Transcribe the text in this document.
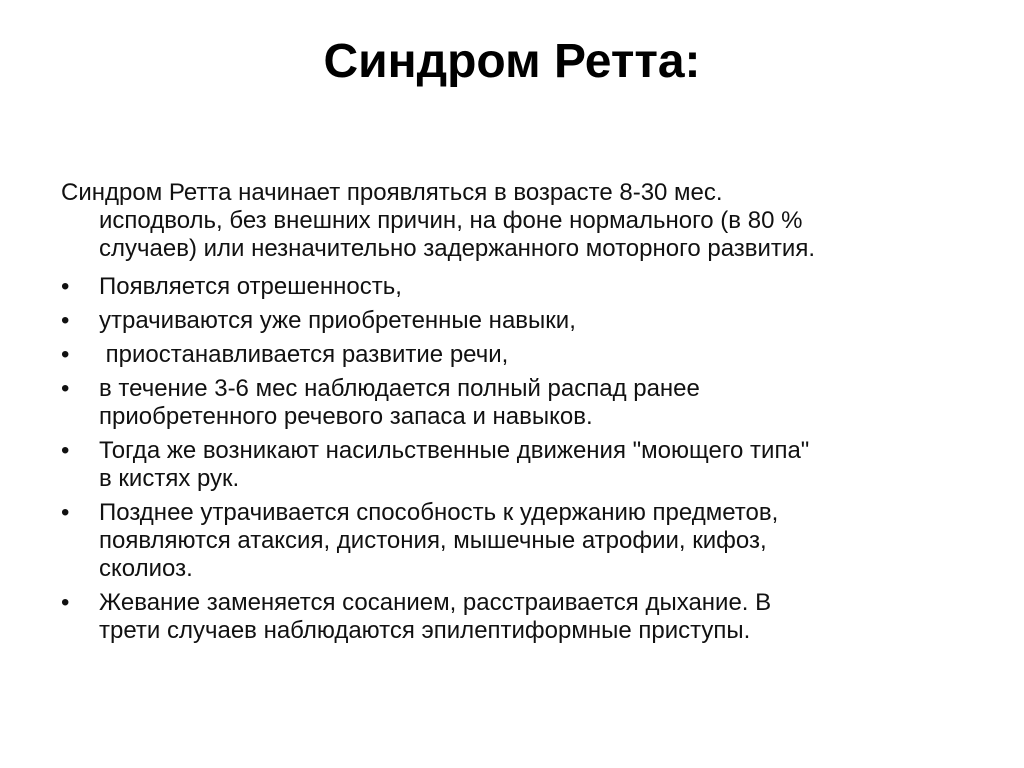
Синдром Ретта:

Синдром Ретта начинает проявляться в возрасте 8-30 мес.
исподволь, без внешних причин, на фоне нормального (в 80 %
случаев) или незначительно задержанного моторного развития.

•	Появляется отрешенность,
•	утрачиваются уже приобретенные навыки,
•	приостанавливается развитие речи,
•	в течение 3-6 мес наблюдается полный распад ранее
приобретенного речевого запаса и навыков.
•	Тогда же возникают насильственные движения "моющего типа"
в кистях рук.
•	Позднее утрачивается способность к удержанию предметов,
появляются атаксия, дистония, мышечные атрофии, кифоз,
сколиоз.
•	Жевание заменяется сосанием, расстраивается дыхание. В
трети случаев наблюдаются эпилептиформные приступы.
